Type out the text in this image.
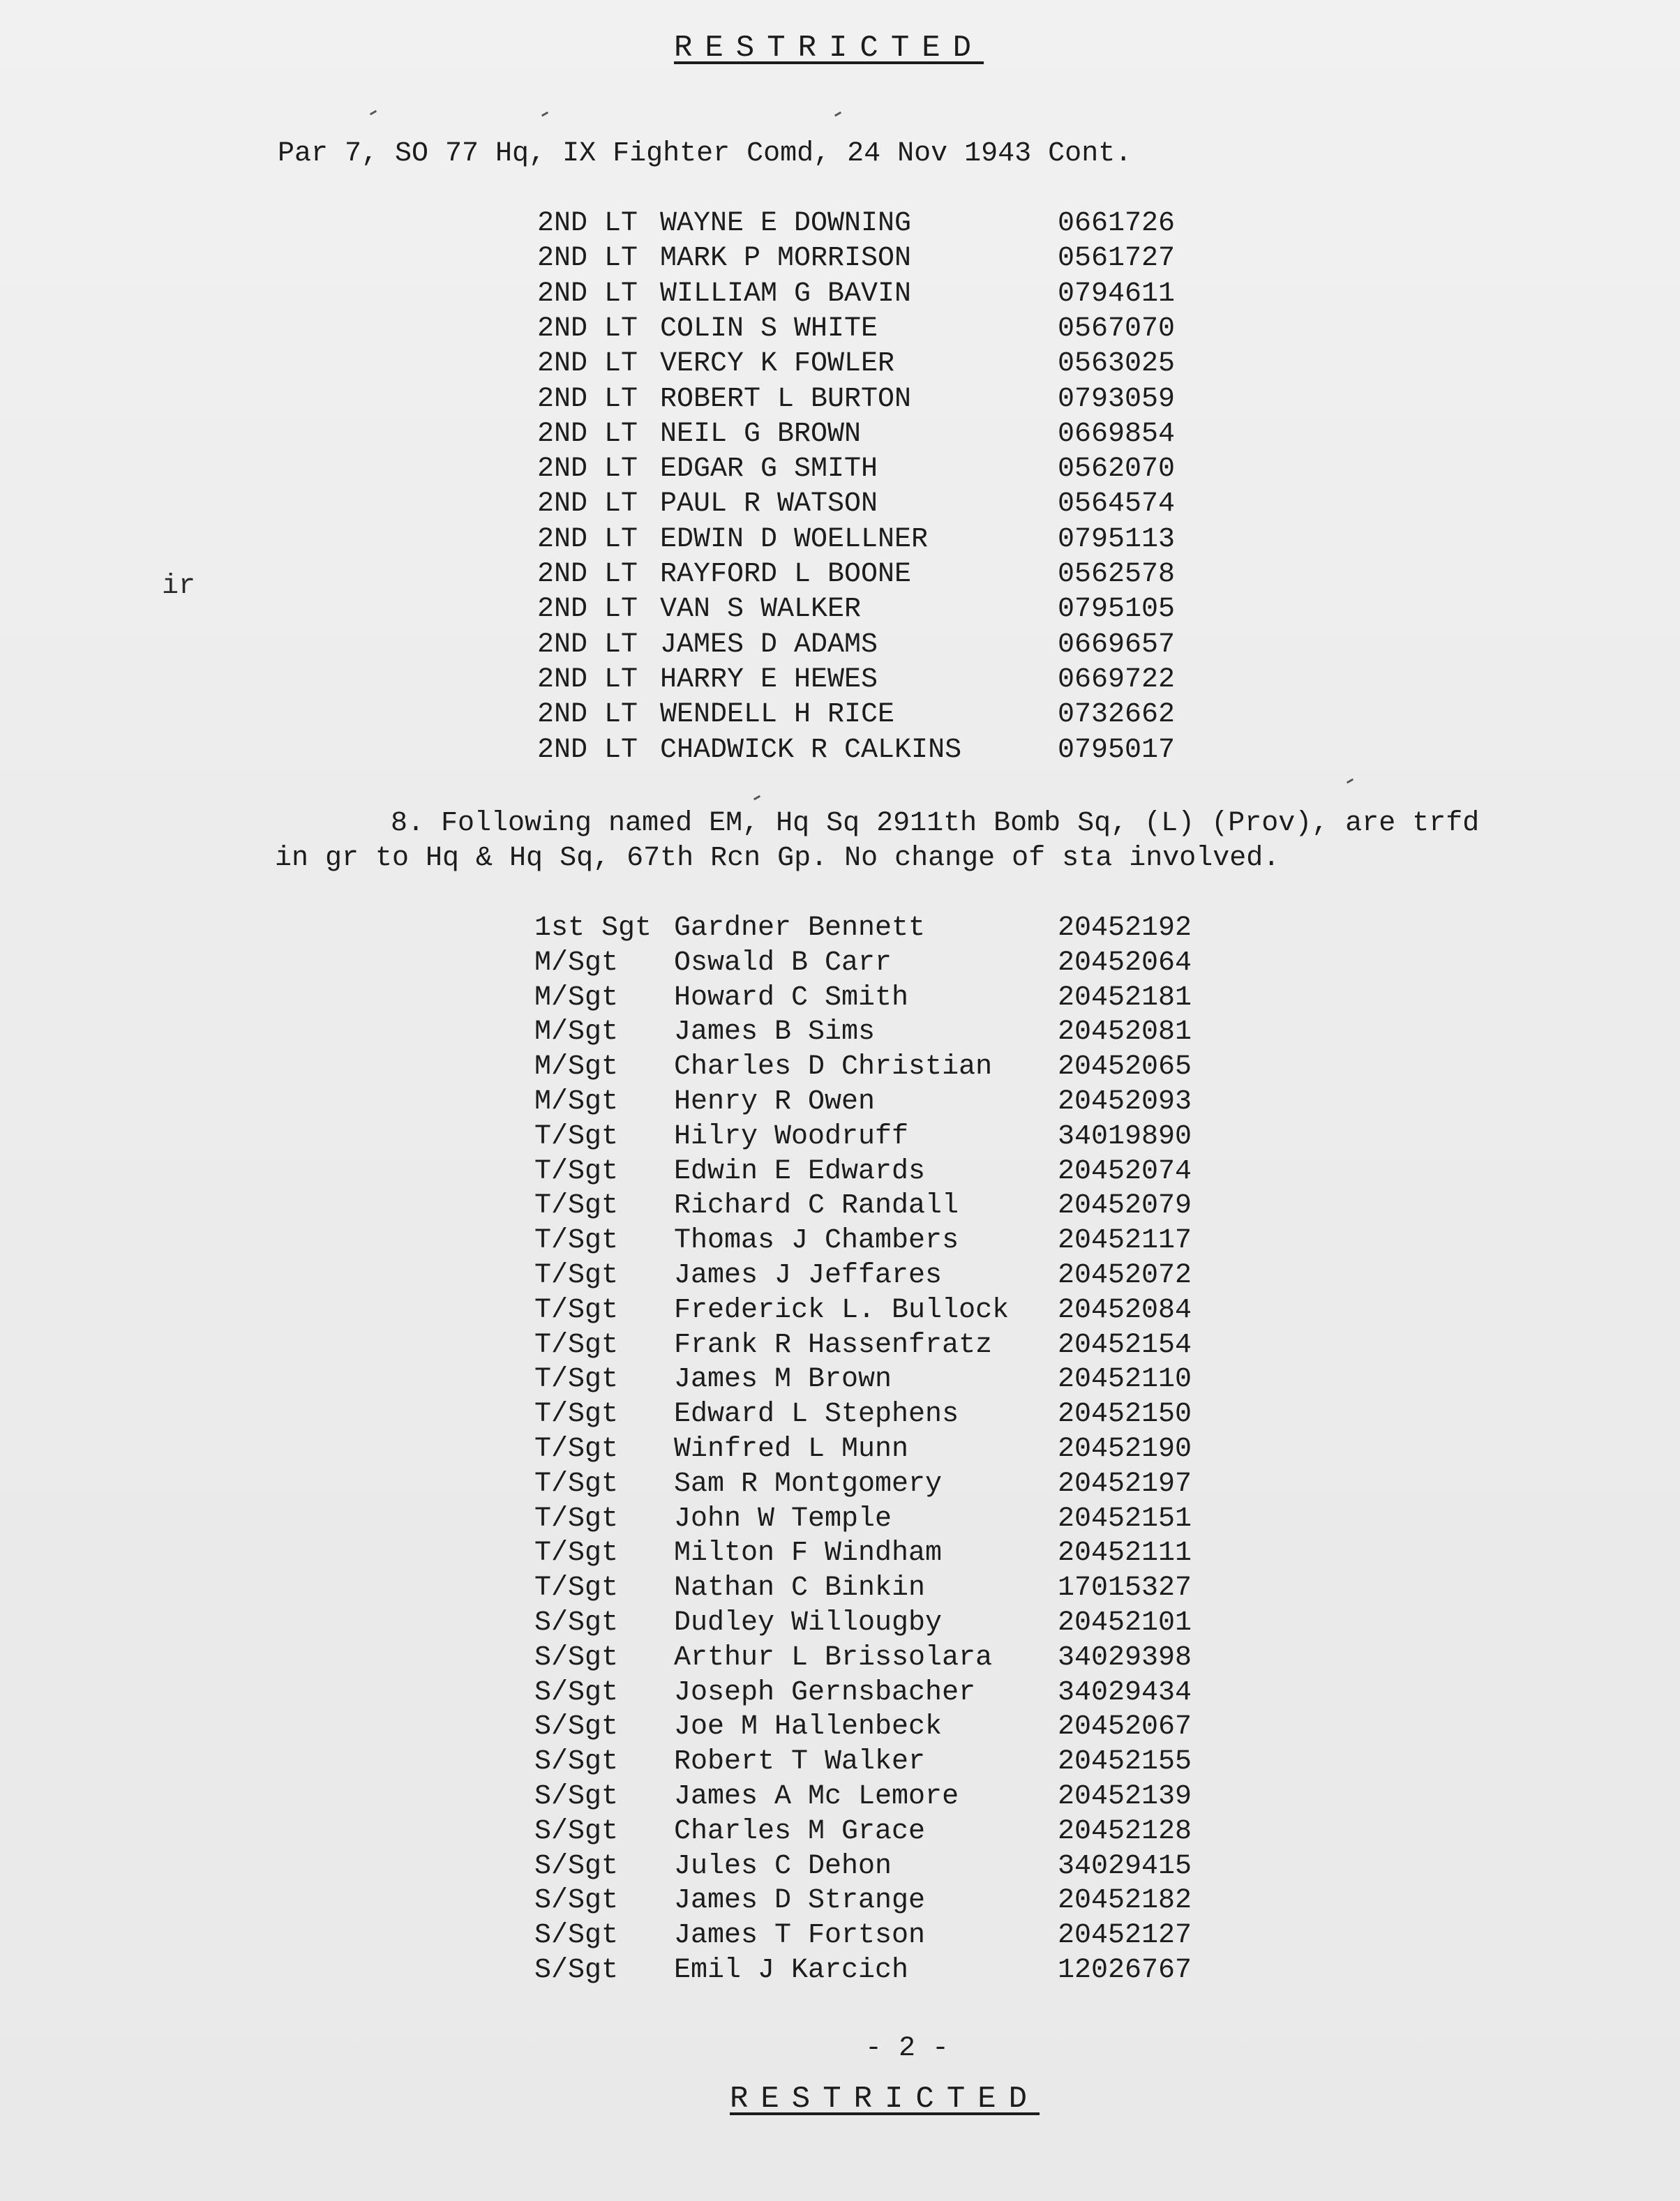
RESTRICTED
Par 7, SO 77 Hq, IX Fighter Comd, 24 Nov 1943 Cont.
ir
2ND LT WAYNE E DOWNING	0661726
2ND LT MARK P MORRISON	0561727
2ND LT WILLIAM G BAVIN	0794611
2ND LT COLIN S WHITE	0567070
2ND LT VERCY K FOWLER	0563025
2ND LT ROBERT L BURTON	0793059
2ND LT NEIL G BROWN	0669854
2ND LT EDGAR G SMITH	0562070
2ND LT PAUL R WATSON	0564574
2ND LT EDWIN D WOELLNER	0795113
2ND LT RAYFORD L BOONE	0562578
2ND LT VAN S WALKER	0795105
2ND LT JAMES D ADAMS	0669657
2ND LT HARRY E HEWES	0669722
2ND LT WENDELL H RICE	0732662
2ND LT CHADWICK R CALKINS	0795017
8. Following named EM, Hq Sq 2911th Bomb Sq, (L) (Prov), are trfd
in gr to Hq & Hq Sq, 67th Rcn Gp. No change of sta involved.
1st Sgt Gardner Bennett	20452192
M/Sgt Oswald B Carr	20452064
M/Sgt Howard C Smith	20452181
M/Sgt James B Sims	20452081
M/Sgt Charles D Christian 20452065
M/Sgt Henry R Owen	20452093
T/Sgt Hilry Woodruff	34019890
T/Sgt Edwin E Edwards	20452074
T/Sgt Richard C Randall	20452079
T/Sgt Thomas J Chambers	20452117
T/Sgt James J Jeffares	20452072
T/Sgt Frederick L. Bullock 20452084
T/Sgt Frank R Hassenfratz 20452154
T/Sgt James M Brown	20452110
T/Sgt Edward L Stephens	20452150
T/Sgt Winfred L Munn	20452190
T/Sgt Sam R Montgomery	20452197
T/Sgt John W Temple	20452151
T/Sgt Milton F Windham	20452111
T/Sgt Nathan C Binkin	17015327
S/Sgt Dudley Willougby	20452101
S/Sgt Arthur L Brissolara 34029398
S/Sgt Joseph Gernsbacher	34029434
S/Sgt Joe M Hallenbeck	20452067
S/Sgt Robert T Walker	20452155
S/Sgt James A Mc Lemore	20452139
S/Sgt Charles M Grace	20452128
S/Sgt Jules C Dehon	34029415
S/Sgt James D Strange	20452182
S/Sgt James T Fortson	20452127
S/Sgt Emil J Karcich	12026767
- 2 -
RESTRICTED
